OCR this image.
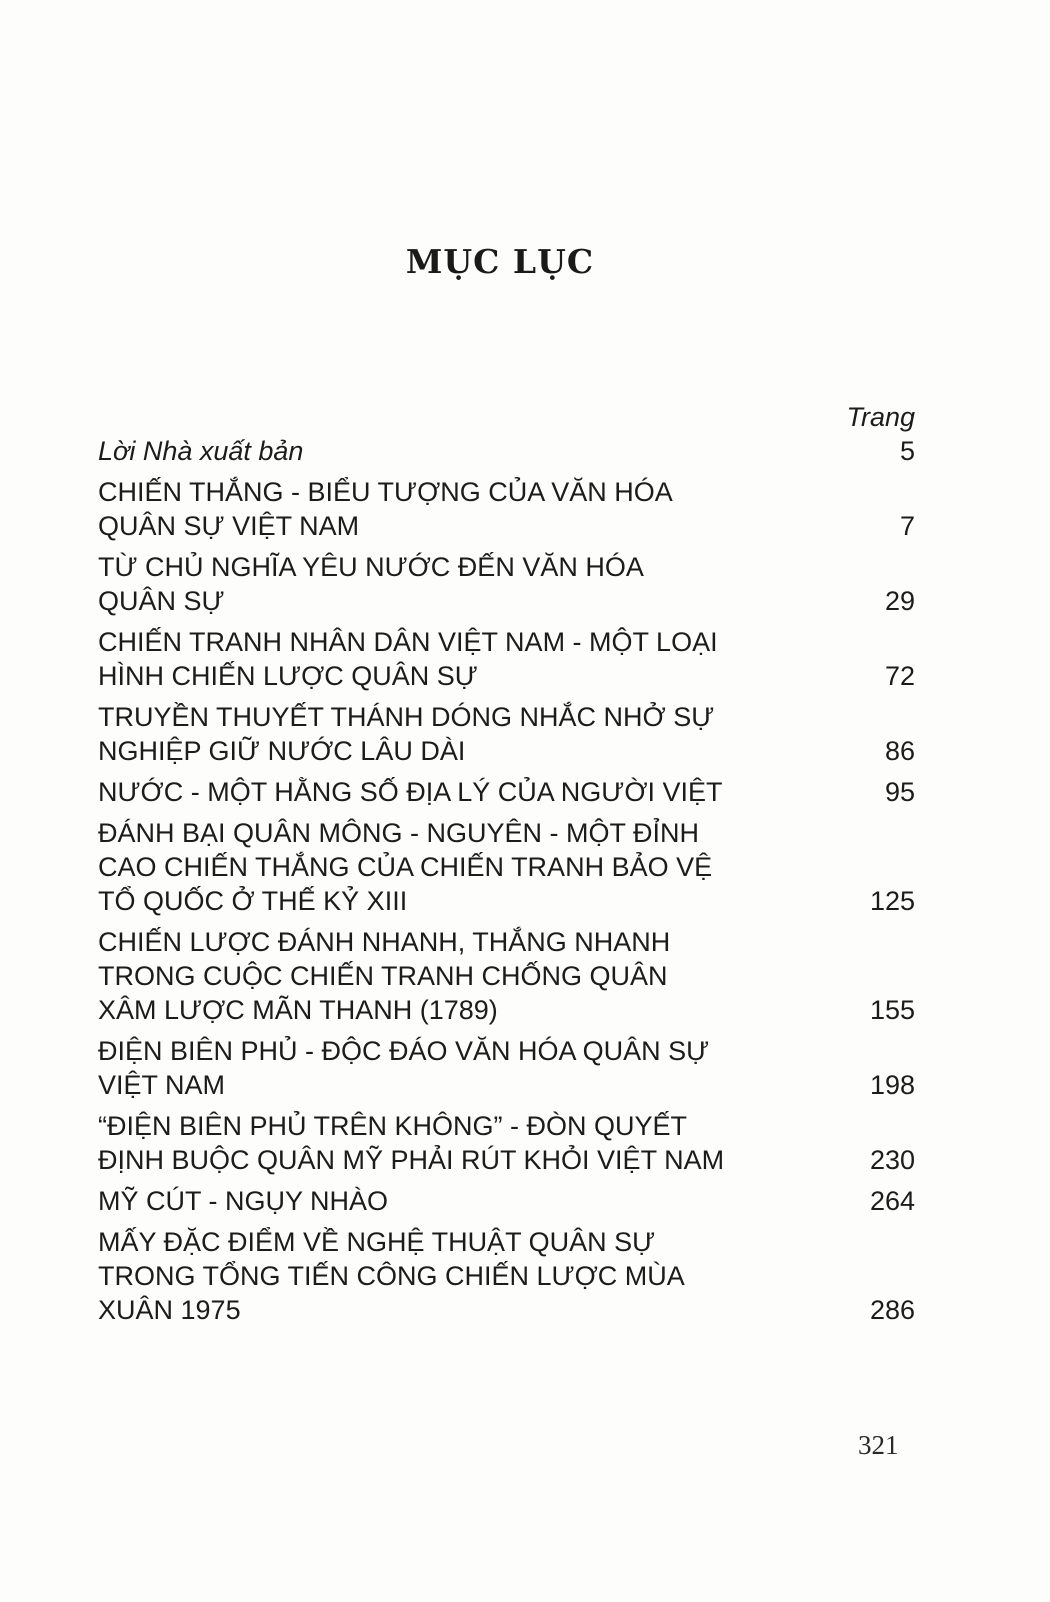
MỤC LỤC
Trang
Lời Nhà xuất bản	5
CHIẾN THẮNG - BIỂU TƯỢNG CỦA VĂN HÓA
QUÂN SỰ VIỆT NAM	7
TỪ CHỦ NGHĨA YÊU NƯỚC ĐẾN VĂN HÓA
QUÂN SỰ	29
CHIẾN TRANH NHÂN DÂN VIỆT NAM - MỘT LOẠI
HÌNH CHIẾN LƯỢC QUÂN SỰ	72
TRUYỀN THUYẾT THÁNH DÓNG NHẮC NHỞ SỰ
NGHIỆP GIỮ NƯỚC LÂU DÀI	86
NƯỚC - MỘT HẰNG SỐ ĐỊA LÝ CỦA NGƯỜI VIỆT	95
ĐÁNH BẠI QUÂN MÔNG - NGUYÊN - MỘT ĐỈNH
CAO CHIẾN THẮNG CỦA CHIẾN TRANH BẢO VỆ
TỔ QUỐC Ở THẾ KỶ XIII	125
CHIẾN LƯỢC ĐÁNH NHANH, THẮNG NHANH
TRONG CUỘC CHIẾN TRANH CHỐNG QUÂN
XÂM LƯỢC MÃN THANH (1789)	155
ĐIỆN BIÊN PHỦ - ĐỘC ĐÁO VĂN HÓA QUÂN SỰ
VIỆT NAM	198
“ĐIỆN BIÊN PHỦ TRÊN KHÔNG” - ĐÒN QUYẾT
ĐỊNH BUỘC QUÂN MỸ PHẢI RÚT KHỎI VIỆT NAM	230
MỸ CÚT - NGỤY NHÀO	264
MẤY ĐẶC ĐIỂM VỀ NGHỆ THUẬT QUÂN SỰ
TRONG TỔNG TIẾN CÔNG CHIẾN LƯỢC MÙA
XUÂN 1975	286
321
